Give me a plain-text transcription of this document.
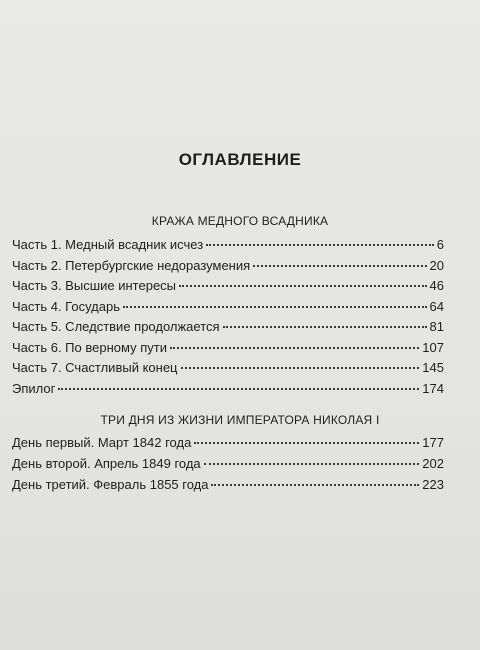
ОГЛАВЛЕНИЕ
КРАЖА МЕДНОГО ВСАДНИКА
Часть 1. Медный всадник исчез	6
Часть 2. Петербургские недоразумения	20
Часть 3. Высшие интересы	46
Часть 4. Государь	64
Часть 5. Следствие продолжается	81
Часть 6. По верному пути	107
Часть 7. Счастливый конец	145
Эпилог	174
ТРИ ДНЯ ИЗ ЖИЗНИ ИМПЕРАТОРА НИКОЛАЯ I
День первый. Март 1842 года	177
День второй. Апрель 1849 года	202
День третий. Февраль 1855 года	223
